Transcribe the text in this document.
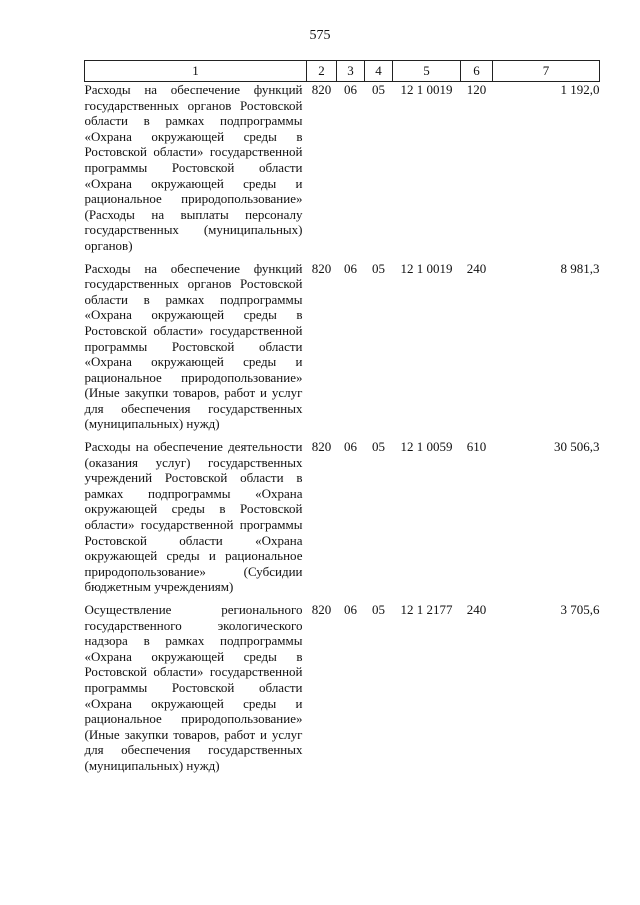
575
1	2	3	4	5	6	7
Расходы на обеспечение функций государственных органов Ростовской области в рамках подпрограммы «Охрана окружающей среды в Ростовской области» государственной программы Ростовской области «Охрана окружающей среды и рациональное природопользование» (Расходы на выплаты персоналу государственных (муниципальных) органов)	820	06	05	12 1 0019	120	1 192,0
Расходы на обеспечение функций государственных органов Ростовской области в рамках подпрограммы «Охрана окружающей среды в Ростовской области» государственной программы Ростовской области «Охрана окружающей среды и рациональное природопользование» (Иные закупки товаров, работ и услуг для обеспечения государственных (муниципальных) нужд)	820	06	05	12 1 0019	240	8 981,3
Расходы на обеспечение деятельности (оказания услуг) государственных учреждений Ростовской области в рамках подпрограммы «Охрана окружающей среды в Ростовской области» государственной программы Ростовской области «Охрана окружающей среды и рациональное природопользование» (Субсидии бюджетным учреждениям)	820	06	05	12 1 0059	610	30 506,3
Осуществление регионального государственного экологического надзора в рамках подпрограммы «Охрана окружающей среды в Ростовской области» государственной программы Ростовской области «Охрана окружающей среды и рациональное природопользование» (Иные закупки товаров, работ и услуг для обеспечения государственных (муниципальных) нужд)	820	06	05	12 1 2177	240	3 705,6
